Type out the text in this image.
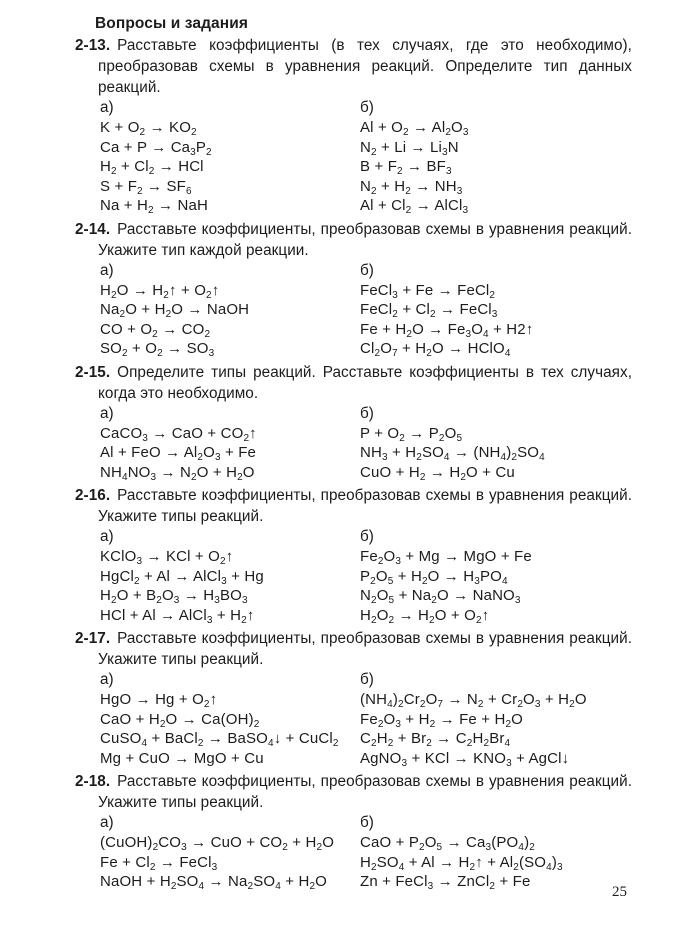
Вопросы и задания

2-13. Расставьте коэффициенты (в тех случаях, где это необходимо), преобразовав схемы в уравнения реакций. Определите тип данных реакций.

а)
$K + O_2 \to KO_2$
$Ca + P \to Ca_3P_2$
$H_2 + Cl_2$ → HCl
$S + F_2 \to SF_6$
$Na + H_2$ → NaH
б)
$Al + O_2 \to Al_2O_3$
$N_2 + Li \to Li_3N$
$B + F_2 \to BF_3$
$N_2 + H_2 \to NH_3$
$Al + Cl_2$ → AlCl$_3$

2-14. Расставьте коэффициенты, преобразовав схемы в уравнения реакций. Укажите тип каждой реакции.

а)
$H_2O$ → $H_2↑$ + $O_2↑$
$Na_2O + H_2O$ → NaOH
CO + $O_2 \to CO_2$
$SO_2 + O_2 \to SO_3$
б)
FeCl$_3$ + Fe → FeCl$_2$
FeCl$_2$ + $Cl_2$ → FeCl$_3$
$Fe + H_2O \to Fe_3O_4$ + H2↑
$Cl_2O_7 + H_2O$ → HClO$_4$

2-15. Определите типы реакций. Расставьте коэффициенты в тех случаях, когда это необходимо.

а)
CaCO$_3$ → CaO + $CO_2↑$
Al + FeO → $Al_2O_3 + Fe$
$NH_4NO_3 \to N_2O + H_2O$
б)
$P + O_2 \to P_2O_5$
$NH_3 + H_2SO_4 \to (NH_4)_2SO_4$
CuO + $H_2 \to H_2O + Cu$

2-16. Расставьте коэффициенты, преобразовав схемы в уравнения реакций. Укажите типы реакций.

а)
KClO$_3$ → KCl + $O_2↑$
HgCl$_2$ + Al → AlCl$_3$ + Hg
$H_2O + B_2O_3 \to H_3BO_3$
HCl + Al → AlCl$_3$ + $H_2↑$
б)
$Fe_2O_3 + Mg$ → MgO + Fe
$P_2O_5 + H_2O \to H_3PO_4$
$N_2O_5 + Na_2O$ → NaNO$_3$
$H_2O_2 \to H_2O$ + $O_2↑$

2-17. Расставьте коэффициенты, преобразовав схемы в уравнения реакций. Укажите типы реакций.

а)
HgO → $Hg + O_2↑$
CaO + $H_2O \to Ca(OH)_2$
CuSO$_4$ + BaCl$_2$ → BaSO$_4$↓ + CuCl$_2$
Mg + CuO → MgO + Cu
б)
$(NH_4)_2Cr_2O_7 \to N_2 + Cr_2O_3 + H_2O$
$Fe_2O_3 + H_2 \to Fe + H_2O$
$C_2H_2 + Br_2 \to C_2H_2Br_4$
AgNO$_3$ + KCl → $KNO_3$ + AgCl↓

2-18. Расставьте коэффициенты, преобразовав схемы в уравнения реакций. Укажите типы реакций.

а)
$(CuOH)_2CO_3$ → CuO + $CO_2 + H_2O$
$Fe + Cl_2$ → FeCl$_3$
NaOH + $H_2SO_4 \to Na_2SO_4 + H_2O$
б)
CaO + $P_2O_5 \to Ca_3(PO_4)_2$
$H_2SO_4 + Al$ → $H_2↑ + Al_2(SO_4)_3$
Zn + FeCl$_3$ → ZnCl$_2$ + Fe
25
